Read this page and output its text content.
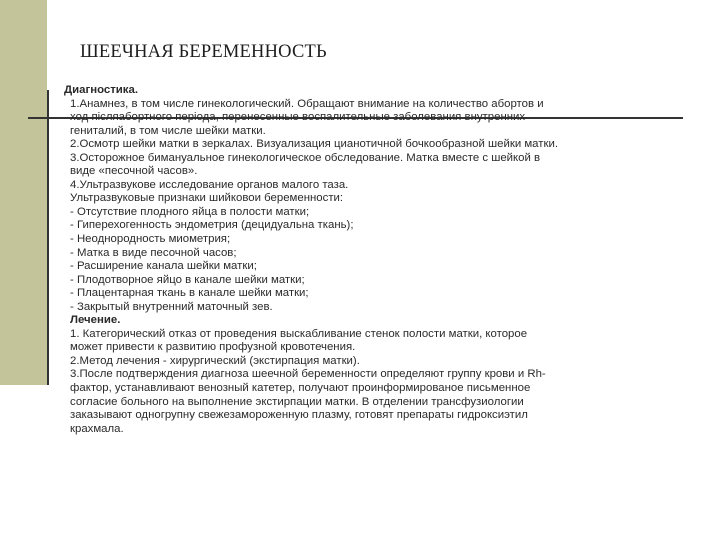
ШЕЕЧНАЯ БЕРЕМЕННОСТЬ
Диагностика.
1.Анамнез, в том числе гинекологический. Обращают внимание на количество абортов и
ход післяабортного періода, перенесенные воспалительные заболевания внутренних
гениталий, в том числе шейки матки.
2.Осмотр шейки матки в зеркалах. Визуализация цианотичной бочкообразной шейки матки.
3.Осторожное бимануальное гинекологическое обследование. Матка вместе с шейкой в
виде «песочной часов».
4.Ультразвукове исследование органов малого таза.
Ультразвуковые признаки шийковои беременности:
- Отсутствие плодного яйца в полости матки;
- Гиперехогенность эндометрия (децидуальна ткань);
- Неоднородность миометрия;
- Матка в виде песочной часов;
- Расширение канала шейки матки;
- Плодотворное яйцо в канале шейки матки;
- Плацентарная ткань в канале шейки матки;
- Закрытый внутренний маточный зев.
Лечение.
1. Категорический отказ от проведения выскабливание стенок полости матки, которое
может привести к развитию профузной кровотечения.
2.Метод лечения - хирургический (экстирпация матки).
3.После подтверждения диагноза шеечной беременности определяют группу крови и Rh-
фактор, устанавливают венозный катетер, получают проинформированое письменное
согласие больного на выполнение экстирпации матки. В отделении трансфузиологии
заказывают одногрупну свежезамороженную плазму, готовят препараты гидроксиэтил
крахмала.
